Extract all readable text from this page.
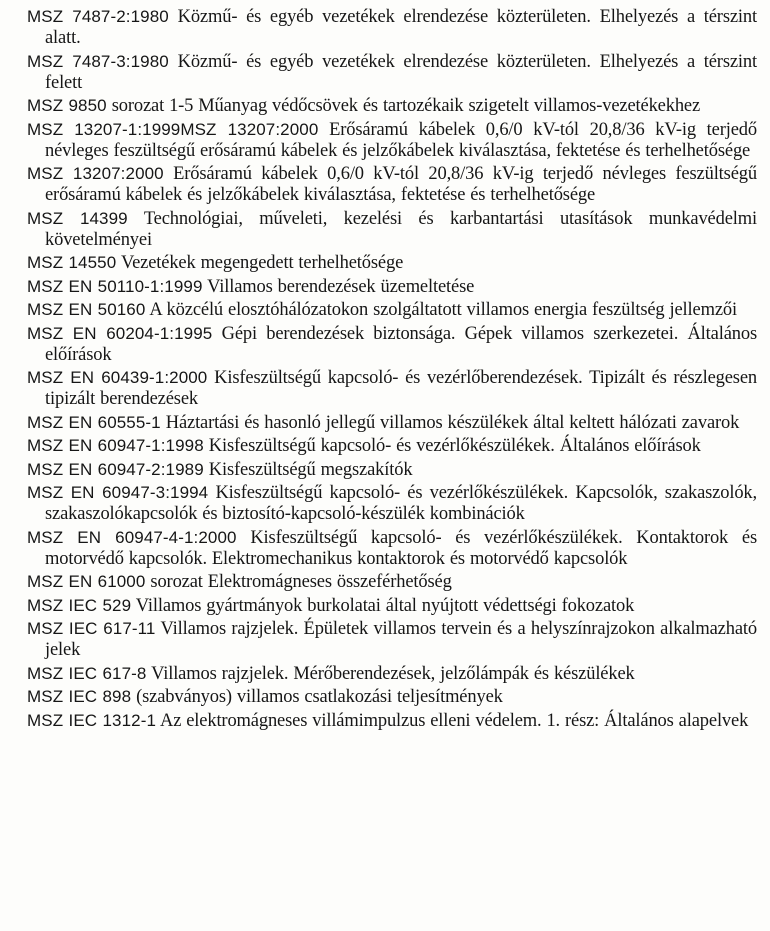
MSZ 7487-2:1980 Közmű- és egyéb vezetékek elrendezése közterületen. Elhelyezés a térszint alatt.
MSZ 7487-3:1980 Közmű- és egyéb vezetékek elrendezése közterületen. Elhelyezés a térszint felett
MSZ 9850 sorozat 1-5 Műanyag védőcsövek és tartozékaik szigetelt villamos-vezetékekhez
MSZ 13207-1:1999MSZ 13207:2000 Erősáramú kábelek 0,6/0 kV-tól 20,8/36 kV-ig terjedő névleges feszültségű erősáramú kábelek és jelzőkábelek kiválasztása, fektetése és terhelhetősége
MSZ 13207:2000 Erősáramú kábelek 0,6/0 kV-tól 20,8/36 kV-ig terjedő névleges feszültségű erősáramú kábelek és jelzőkábelek kiválasztása, fektetése és terhelhetősége
MSZ 14399 Technológiai, műveleti, kezelési és karbantartási utasítások munkavédelmi követelményei
MSZ 14550 Vezetékek megengedett terhelhetősége
MSZ EN 50110-1:1999 Villamos berendezések üzemeltetése
MSZ EN 50160 A közcélú elosztóhálózatokon szolgáltatott villamos energia feszültség jellemzői
MSZ EN 60204-1:1995 Gépi berendezések biztonsága. Gépek villamos szerkezetei. Általános előírások
MSZ EN 60439-1:2000 Kisfeszültségű kapcsoló- és vezérlőberendezések. Tipizált és részlegesen tipizált berendezések
MSZ EN 60555-1 Háztartási és hasonló jellegű villamos készülékek által keltett hálózati zavarok
MSZ EN 60947-1:1998 Kisfeszültségű kapcsoló- és vezérlőkészülékek. Általános előírások
MSZ EN 60947-2:1989 Kisfeszültségű megszakítók
MSZ EN 60947-3:1994 Kisfeszültségű kapcsoló- és vezérlőkészülékek. Kapcsolók, szakaszolók, szakaszolókapcsolók és biztosító-kapcsoló-készülék kombinációk
MSZ EN 60947-4-1:2000 Kisfeszültségű kapcsoló- és vezérlőkészülékek. Kontaktorok és motorvédő kapcsolók. Elektromechanikus kontaktorok és motorvédő kapcsolók
MSZ EN 61000 sorozat Elektromágneses összeférhetőség
MSZ IEC 529 Villamos gyártmányok burkolatai által nyújtott védettségi fokozatok
MSZ IEC 617-11 Villamos rajzjelek. Épületek villamos tervein és a helyszínrajzokon alkalmazható jelek
MSZ IEC 617-8 Villamos rajzjelek. Mérőberendezések, jelzőlámpák és készülékek
MSZ IEC 898 (szabványos) villamos csatlakozási teljesítmények
MSZ IEC 1312-1 Az elektromágneses villámimpulzus elleni védelem. 1. rész: Általános alapelvek
